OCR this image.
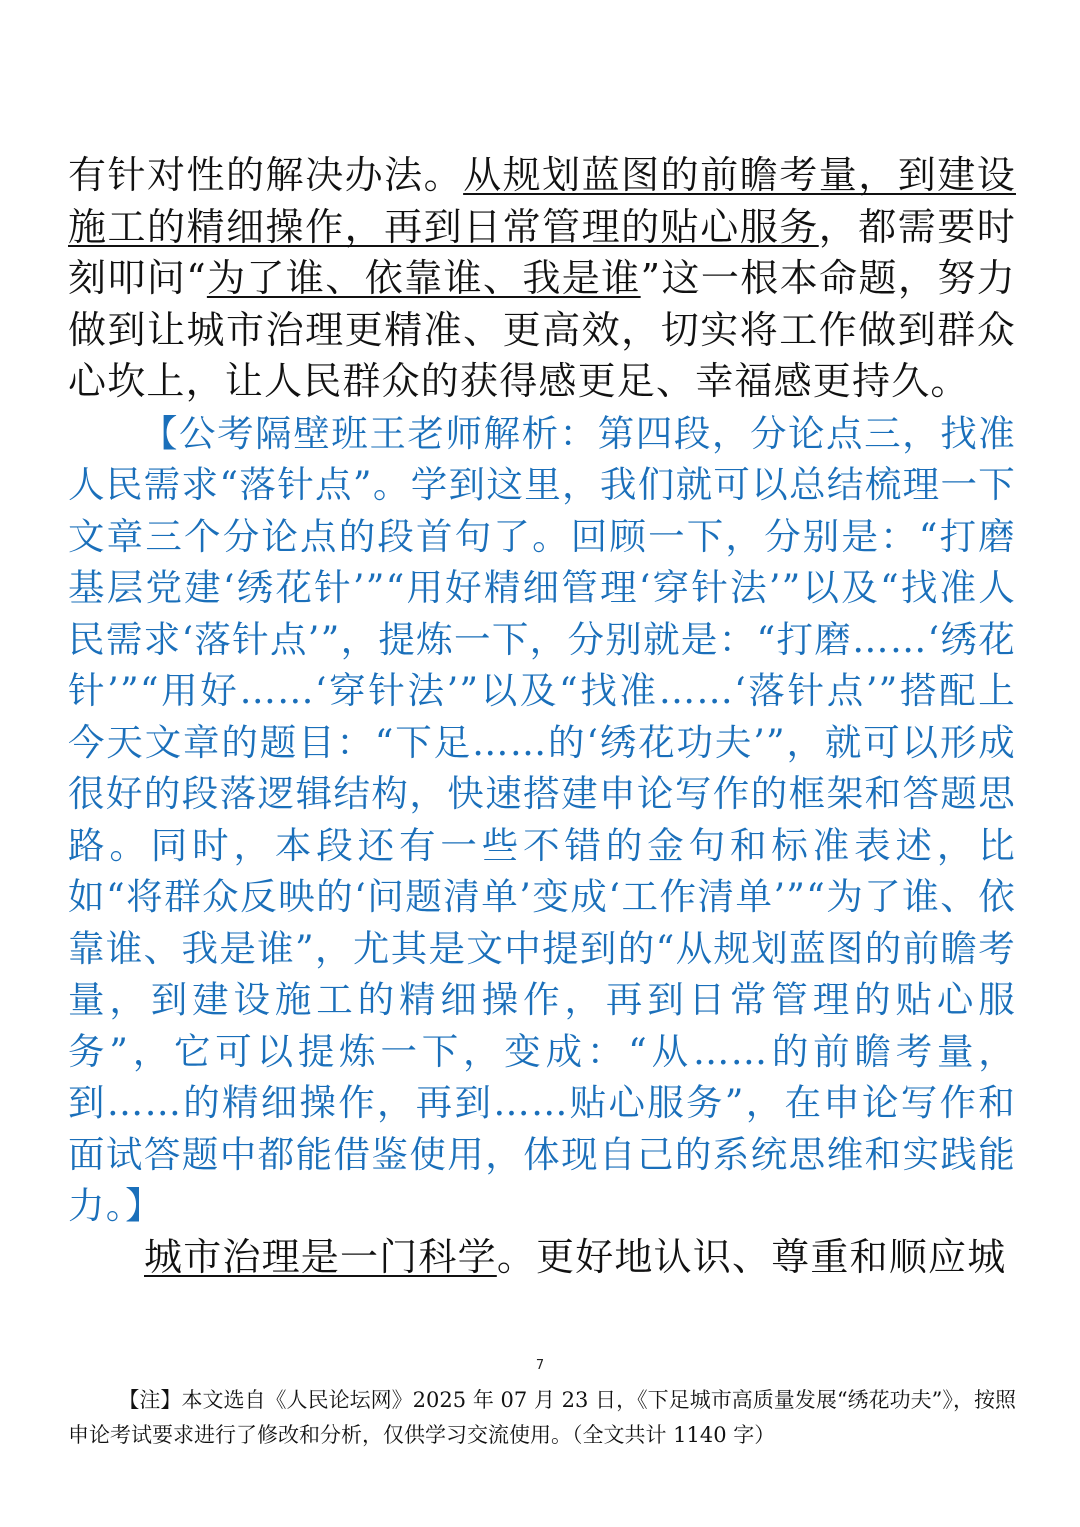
有针对性的解决办法。从规划蓝图的前瞻考量，到建设施工的精细操作，再到日常管理的贴心服务，都需要时刻叩问“为了谁、依靠谁、我是谁”这一根本命题，努力做到让城市治理更精准、更高效，切实将工作做到群众心坎上，让人民群众的获得感更足、幸福感更持久。

【公考隔壁班王老师解析：第四段，分论点三，找准人民需求“落针点”。学到这里，我们就可以总结梳理一下文章三个分论点的段首句了。回顾一下，分别是：“打磨基层党建‘绣花针’”“用好精细管理‘穿针法’”以及“找准人民需求‘落针点’”，提炼一下，分别就是：“打磨……‘绣花针’”“用好……‘穿针法’”以及“找准……‘落针点’”搭配上今天文章的题目：“下足……的‘绣花功夫’”，就可以形成很好的段落逻辑结构，快速搭建申论写作的框架和答题思路。同时，本段还有一些不错的金句和标准表述，比如“将群众反映的‘问题清单’变成‘工作清单’”“为了谁、依靠谁、我是谁”，尤其是文中提到的“从规划蓝图的前瞻考量，到建设施工的精细操作，再到日常管理的贴心服务”，它可以提炼一下，变成：“从……的前瞻考量，到……的精细操作，再到……贴心服务”，在申论写作和面试答题中都能借鉴使用，体现自己的系统思维和实践能力。】

城市治理是一门科学。更好地认识、尊重和顺应城

7
【注】本文选自《人民论坛网》2025 年 07 月 23 日，《下足城市高质量发展“绣花功夫”》，按照申论考试要求进行了修改和分析，仅供学习交流使用。（全文共计 1140 字）
